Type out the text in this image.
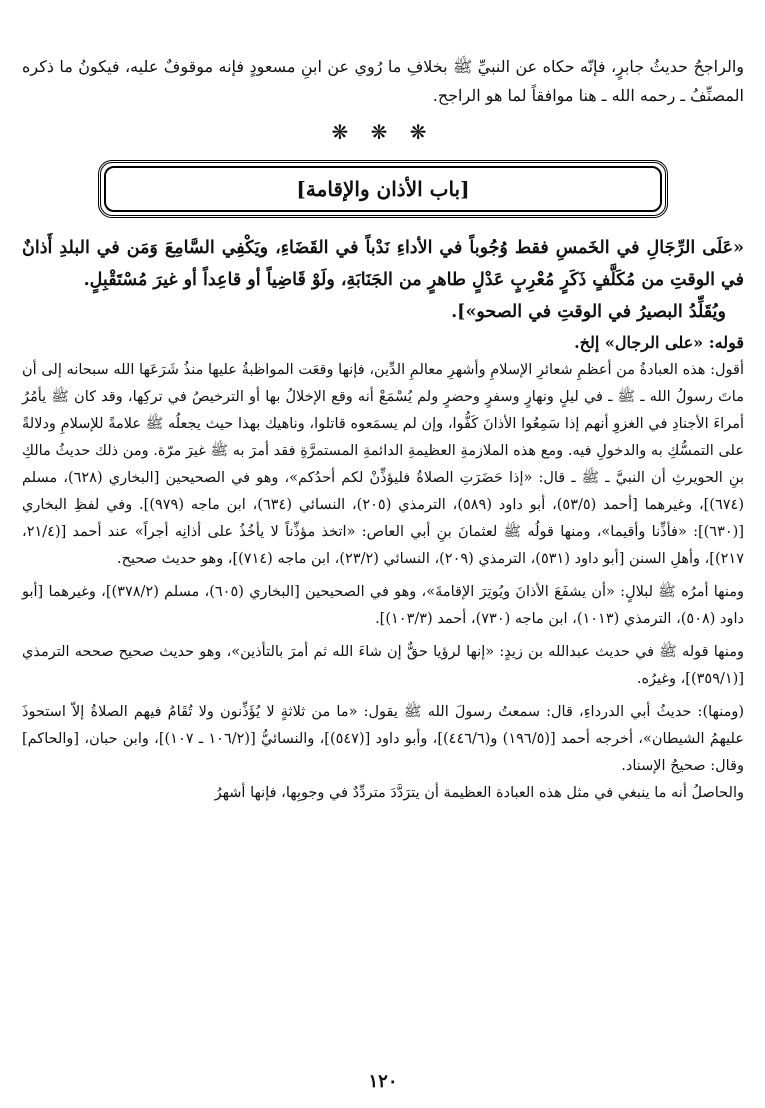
والراجحُ حديثُ جابرٍ، فإنّه حكاه عن النبيِّ ﷺ بخلافِ ما رُوي عن ابنِ مسعودٍ فإنه موقوفٌ عليه، فيكونُ ما ذكره المصنِّفُ ـ رحمه الله ـ هنا موافقاً لما هو الراجح.

❋ ❋ ❋
[باب الأذان والإقامة]

«عَلَى الرِّجَالِ في الخَمسِ فقط وُجُوباً في الأداءِ نَدْباً في القَضَاءِ، ويَكْفِي السَّامِعَ وَمَن في البلدِ أَذانٌ في الوقتِ من مُكَلَّفٍ ذَكَرٍ مُعْرِبٍ عَدْلٍ طاهرٍ من الجَنَابَةِ، ولَوْ قَاضِياً أو قاعِداً أو غيرَ مُسْتَقْبِلٍ.

ويُقَلِّدُ البصيرُ في الوقتِ في الصحو»].

قوله: «على الرجال» إلخ.

أقول: هذه العبادةُ من أعظمِ شعائرِ الإسلامِ وأشهرِ معالمِ الدِّين، فإنها وقعَت المواظبةُ عليها منذُ شَرَعَها الله سبحانه إلى أن ماتَ رسولُ الله ـ ﷺ ـ في ليلٍ ونهارٍ وسفرٍ وحضرٍ ولم يُسْمَعْ أنه وقع الإخلالُ بها أو الترخيصُ في تركِها، وقد كان ﷺ يأمُرُ أمراءَ الأجنادِ في الغزوِ أنهم إذا سَمِعُوا الأذانَ كَفُّوا، وإن لم يسمَعوه قاتلوا، وناهيك بهذا حيث يجعلُه ﷺ علامةً للإسلامِ ودلالةً على التمسُّكِ به والدخولِ فيه. ومع هذه الملازمةِ العظيمةِ الدائمةِ المستمرَّةِ فقد أمرَ به ﷺ غيرَ مرّة. ومن ذلك حديثُ مالكِ بنِ الحويرثِ أن النبيَّ ـ ﷺ ـ قال: «إذا حَضَرَتِ الصلاةُ فليؤذِّنْ لكم أحدُكم»، وهو في الصحيحين [البخاري (٦٢٨)، مسلم (٦٧٤)]، وغيرهما [أحمد (٥٣/٥)، أبو داود (٥٨٩)، الترمذي (٢٠٥)، النسائي (٦٣٤)، ابن ماجه (٩٧٩)]. وفي لفظِ البخاري [(٦٣٠)]: «فأذِّنا وأقيما»، ومنها قولُه ﷺ لعثمانَ بنِ أبي العاص: «اتخذ مؤذِّناً لا يأخُذُ على أذانِه أجراً» عند أحمد [(٢١/٤، ٢١٧)]، وأهلِ السنن [أبو داود (٥٣١)، الترمذي (٢٠٩)، النسائي (٢٣/٢)، ابن ماجه (٧١٤)]، وهو حديث صحيح.

ومنها أمرُه ﷺ لبلالٍ: «أن يشفَعَ الأذانَ ويُوتِرَ الإقامةَ»، وهو في الصحيحين [البخاري (٦٠٥)، مسلم (٣٧٨/٢)]، وغيرهما [أبو داود (٥٠٨)، الترمذي (١٠١٣)، ابن ماجه (٧٣٠)، أحمد (١٠٣/٣)].

ومنها قوله ﷺ في حديث عبدالله بن زيدٍ: «إنها لرؤيا حقٌّ إن شاءَ الله ثم أمرَ بالتأذين»، وهو حديث صحيح صححه الترمذي [(٣٥٩/١)]، وغيرُه.

(ومنها): حديثُ أبي الدرداءِ، قال: سمعتُ رسولَ الله ﷺ يقول: «ما من ثلاثةٍ لا يُؤَذِّنون ولا تُقَامُ فيهم الصلاةُ إلاّ استحوذَ عليهمُ الشيطان»، أخرجه أحمد [(١٩٦/٥) و(٤٤٦/٦)]، وأبو داود [(٥٤٧)]، والنسائيُّ [(١٠٦/٢ ـ ١٠٧)]، وابن حبان، [والحاكم] وقال: صحيحُ الإسناد.

والحاصلُ أنه ما ينبغي في مثل هذه العبادة العظيمة أن يترَدَّدَ متردِّدٌ في وجوبِها، فإنها أشهرُ

١٢٠
